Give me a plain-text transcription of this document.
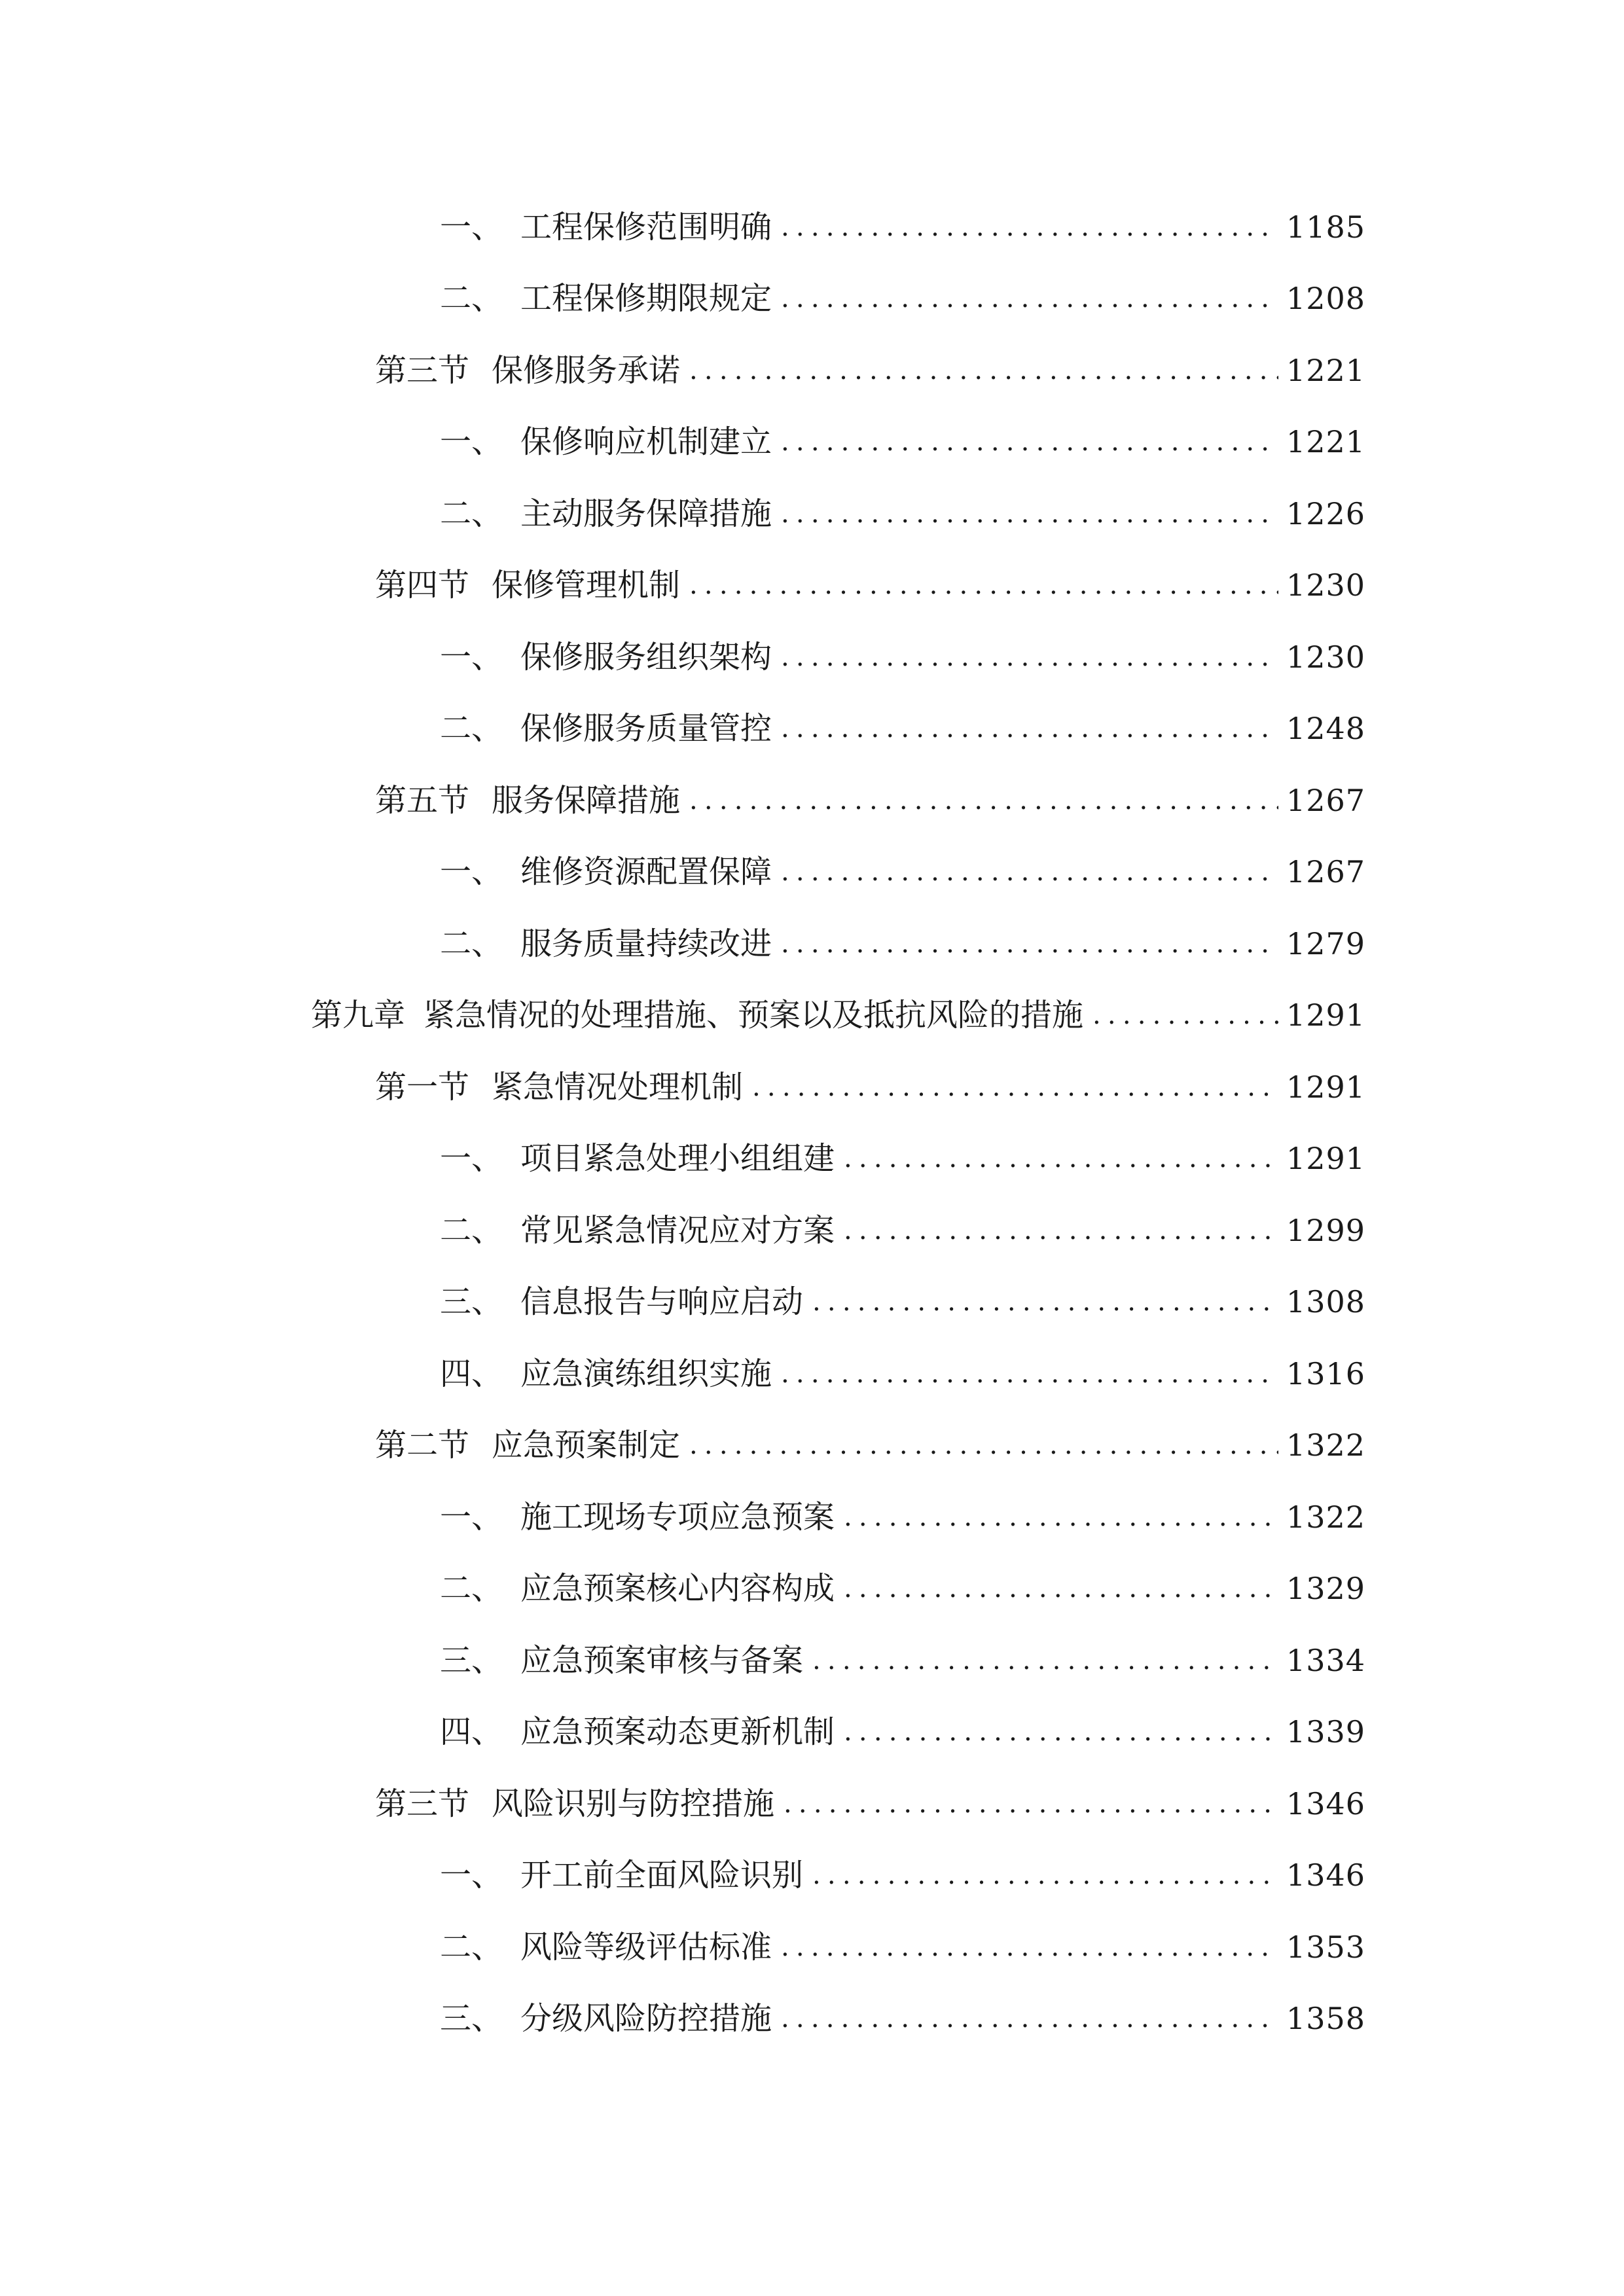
一、 工程保修范围明确 .....	1185
二、 工程保修期限规定 .....	1208
第三节 保修服务承诺 .....	1221
一、 保修响应机制建立 .....	1221
二、 主动服务保障措施 .....	1226
第四节 保修管理机制 .....	1230
一、 保修服务组织架构 .....	1230
二、 保修服务质量管控 .....	1248
第五节 服务保障措施 .....	1267
一、 维修资源配置保障 .....	1267
二、 服务质量持续改进 .....	1279
第九章 紧急情况的处理措施、预案以及抵抗风险的措施 .....	1291
第一节 紧急情况处理机制 .....	1291
一、 项目紧急处理小组组建 .....	1291
二、 常见紧急情况应对方案 .....	1299
三、 信息报告与响应启动 .....	1308
四、 应急演练组织实施 .....	1316
第二节 应急预案制定 .....	1322
一、 施工现场专项应急预案 .....	1322
二、 应急预案核心内容构成 .....	1329
三、 应急预案审核与备案 .....	1334
四、 应急预案动态更新机制 .....	1339
第三节 风险识别与防控措施 .....	1346
一、 开工前全面风险识别 .....	1346
二、 风险等级评估标准 .....	1353
三、 分级风险防控措施 .....	1358
